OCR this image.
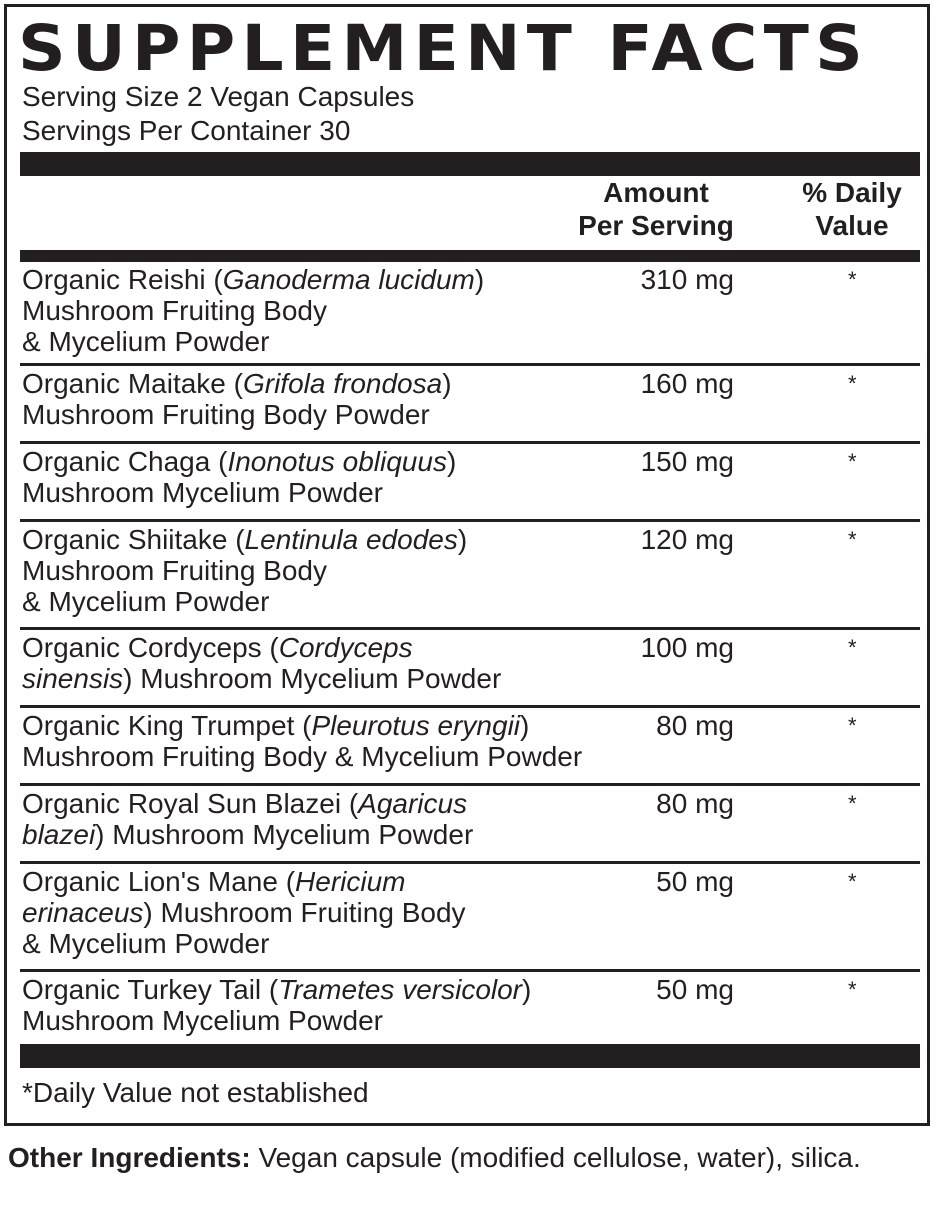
SUPPLEMENT FACTS
Serving Size 2 Vegan Capsules
Servings Per Container 30
Amount
Per Serving
% Daily
Value
Organic Reishi (Ganoderma lucidum)
Mushroom Fruiting Body
& Mycelium Powder
310 mg	*
Organic Maitake (Grifola frondosa)
Mushroom Fruiting Body Powder
160 mg	*
Organic Chaga (Inonotus obliquus)
Mushroom Mycelium Powder
150 mg	*
Organic Shiitake (Lentinula edodes)
Mushroom Fruiting Body
& Mycelium Powder
120 mg	*
Organic Cordyceps (Cordyceps
sinensis) Mushroom Mycelium Powder
100 mg	*
Organic King Trumpet (Pleurotus eryngii)
Mushroom Fruiting Body & Mycelium Powder
80 mg	*
Organic Royal Sun Blazei (Agaricus
blazei) Mushroom Mycelium Powder
80 mg	*
Organic Lion's Mane (Hericium
erinaceus) Mushroom Fruiting Body
& Mycelium Powder
50 mg	*
Organic Turkey Tail (Trametes versicolor)
Mushroom Mycelium Powder
50 mg	*
*Daily Value not established
Other Ingredients: Vegan capsule (modified cellulose, water), silica.
